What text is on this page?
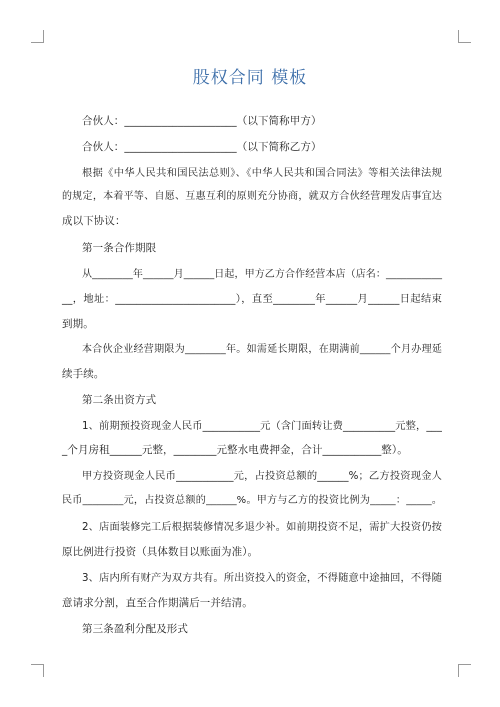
股权合同 模板
合伙人：_____________________（以下简称甲方）
合伙人：_____________________（以下简称乙方）
根据《中华人民共和国民法总则》、《中华人民共和国合同法》等相关法律法规
的规定，本着平等、自愿、互惠互利的原则充分协商，就双方合伙经营理发店事宜达
成以下协议：
第一条合作期限
从________年______月______日起，甲方乙方合作经营本店（店名：___________
__，地址：_______________________），直至________年______月______日起结束
到期。
本合伙企业经营期限为________年。如需延长期限，在期满前______个月办理延
续手续。
第二条出资方式
1、前期预投资现金人民币___________元（含门面转让费__________元整，___
_个月房租______元整，________元整水电费押金，合计___________整）。
甲方投资现金人民币___________元，占投资总额的______%；乙方投资现金人
民币________元，占投资总额的______%。甲方与乙方的投资比例为_____：_____。
2、店面装修完工后根据装修情况多退少补。如前期投资不足，需扩大投资仍按
原比例进行投资（具体数目以账面为准）。
3、店内所有财产为双方共有。所出资投入的资金，不得随意中途抽回，不得随
意请求分割，直至合作期满后一并结清。
第三条盈利分配及形式
